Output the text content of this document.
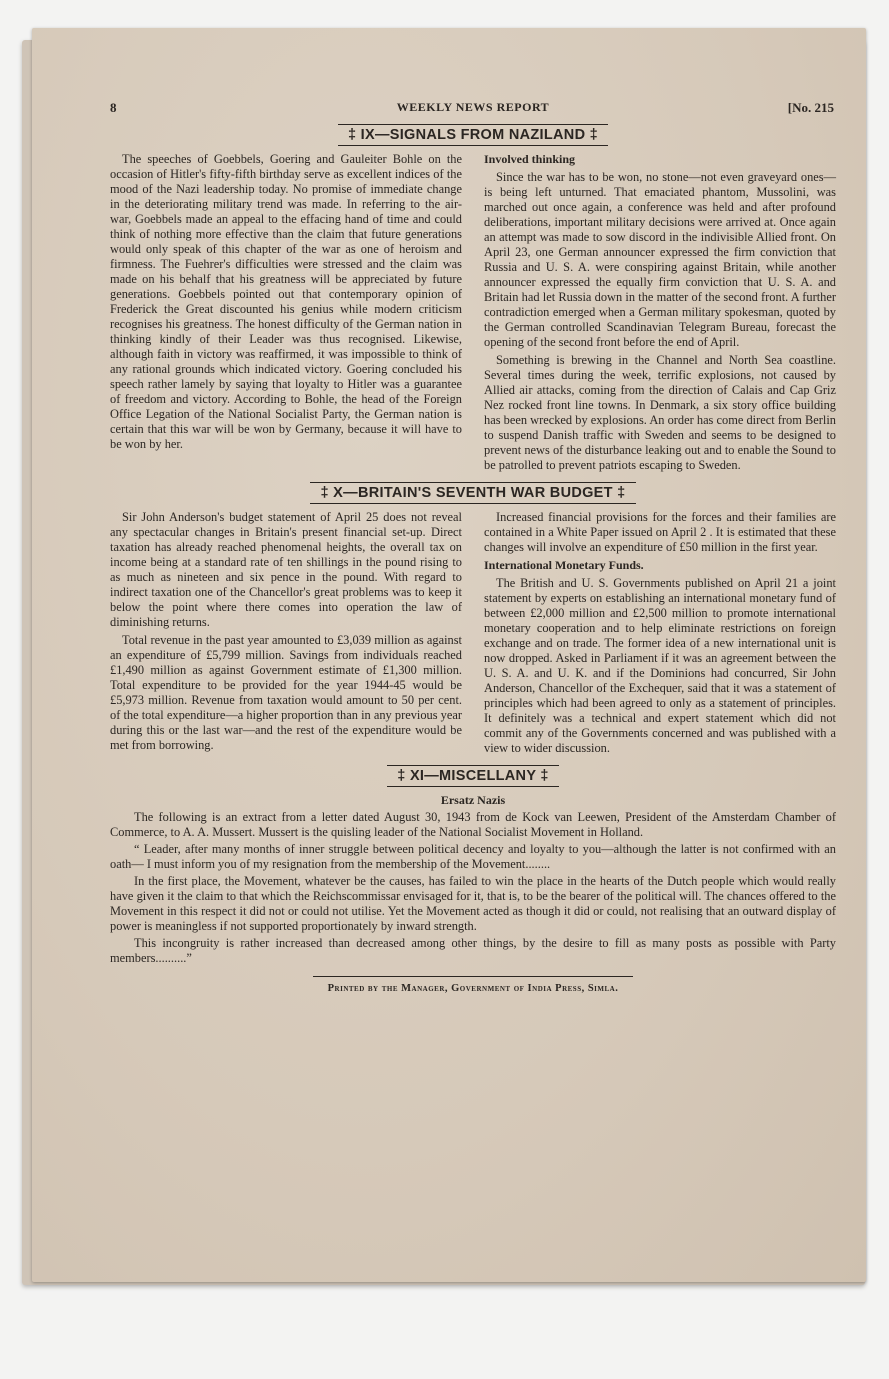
8	WEEKLY NEWS REPORT	[No. 215
‡ IX—SIGNALS FROM NAZILAND ‡

The speeches of Goebbels, Goering and Gauleiter Bohle on the occasion of Hitler's fifty-fifth birthday serve as excellent indices of the mood of the Nazi leadership today. No promise of immediate change in the deteriorating military trend was made. In referring to the air-war, Goebbels made an appeal to the effacing hand of time and could think of nothing more effective than the claim that future generations would only speak of this chapter of the war as one of heroism and firmness. The Fuehrer's difficulties were stressed and the claim was made on his behalf that his greatness will be appreciated by future generations. Goebbels pointed out that contemporary opinion of Frederick the Great discounted his genius while modern criticism recognises his greatness. The honest difficulty of the German nation in thinking kindly of their Leader was thus recognised. Likewise, although faith in victory was reaffirmed, it was impossible to think of any rational grounds which indicated victory. Goering concluded his speech rather lamely by saying that loyalty to Hitler was a guarantee of freedom and victory. According to Bohle, the head of the Foreign Office Legation of the National Socialist Party, the German nation is certain that this war will be won by Germany, because it will have to be won by her.

Involved thinking

Since the war has to be won, no stone—not even graveyard ones—is being left unturned. That emaciated phantom, Mussolini, was marched out once again, a conference was held and after profound deliberations, important military decisions were arrived at. Once again an attempt was made to sow discord in the indivisible Allied front. On April 23, one German announcer expressed the firm conviction that Russia and U. S. A. were conspiring against Britain, while another announcer expressed the equally firm conviction that U. S. A. and Britain had let Russia down in the matter of the second front. A further contradiction emerged when a German military spokesman, quoted by the German controlled Scandinavian Telegram Bureau, forecast the opening of the second front before the end of April.

Something is brewing in the Channel and North Sea coastline. Several times during the week, terrific explosions, not caused by Allied air attacks, coming from the direction of Calais and Cap Griz Nez rocked front line towns. In Denmark, a six story office building has been wrecked by explosions. An order has come direct from Berlin to suspend Danish traffic with Sweden and seems to be designed to prevent news of the disturbance leaking out and to enable the Sound to be patrolled to prevent patriots escaping to Sweden.

‡ X—BRITAIN'S SEVENTH WAR BUDGET ‡

Sir John Anderson's budget statement of April 25 does not reveal any spectacular changes in Britain's present financial set-up. Direct taxation has already reached phenomenal heights, the overall tax on income being at a standard rate of ten shillings in the pound rising to as much as nineteen and six pence in the pound. With regard to indirect taxation one of the Chancellor's great problems was to keep it below the point where there comes into operation the law of diminishing returns.

Total revenue in the past year amounted to £3,039 million as against an expenditure of £5,799 million. Savings from individuals reached £1,490 million as against Government estimate of £1,300 million. Total expenditure to be provided for the year 1944-45 would be £5,973 million. Revenue from taxation would amount to 50 per cent. of the total expenditure—a higher proportion than in any previous year during this or the last war—and the rest of the expenditure would be met from borrowing.

Increased financial provisions for the forces and their families are contained in a White Paper issued on April 2 . It is estimated that these changes will involve an expenditure of £50 million in the first year.

International Monetary Funds.

The British and U. S. Governments published on April 21 a joint statement by experts on establishing an international monetary fund of between £2,000 million and £2,500 million to promote international monetary cooperation and to help eliminate restrictions on foreign exchange and on trade. The former idea of a new international unit is now dropped. Asked in Parliament if it was an agreement between the U. S. A. and U. K. and if the Dominions had concurred, Sir John Anderson, Chancellor of the Exchequer, said that it was a statement of principles which had been agreed to only as a statement of principles. It definitely was a technical and expert statement which did not commit any of the Governments concerned and was published with a view to wider discussion.

‡ XI—MISCELLANY ‡
Ersatz Nazis

The following is an extract from a letter dated August 30, 1943 from de Kock van Leewen, President of the Amsterdam Chamber of Commerce, to A. A. Mussert. Mussert is the quisling leader of the National Socialist Movement in Holland.

“ Leader, after many months of inner struggle between political decency and loyalty to you—although the latter is not confirmed with an oath— I must inform you of my resignation from the membership of the Movement........

In the first place, the Movement, whatever be the causes, has failed to win the place in the hearts of the Dutch people which would really have given it the claim to that which the Reichscommissar envisaged for it, that is, to be the bearer of the political will. The chances offered to the Movement in this respect it did not or could not utilise. Yet the Movement acted as though it did or could, not realising that an outward display of power is meaningless if not supported proportionately by inward strength.

This incongruity is rather increased than decreased among other things, by the desire to fill as many posts as possible with Party members..........”

Printed by the Manager, Government of India Press, Simla.
